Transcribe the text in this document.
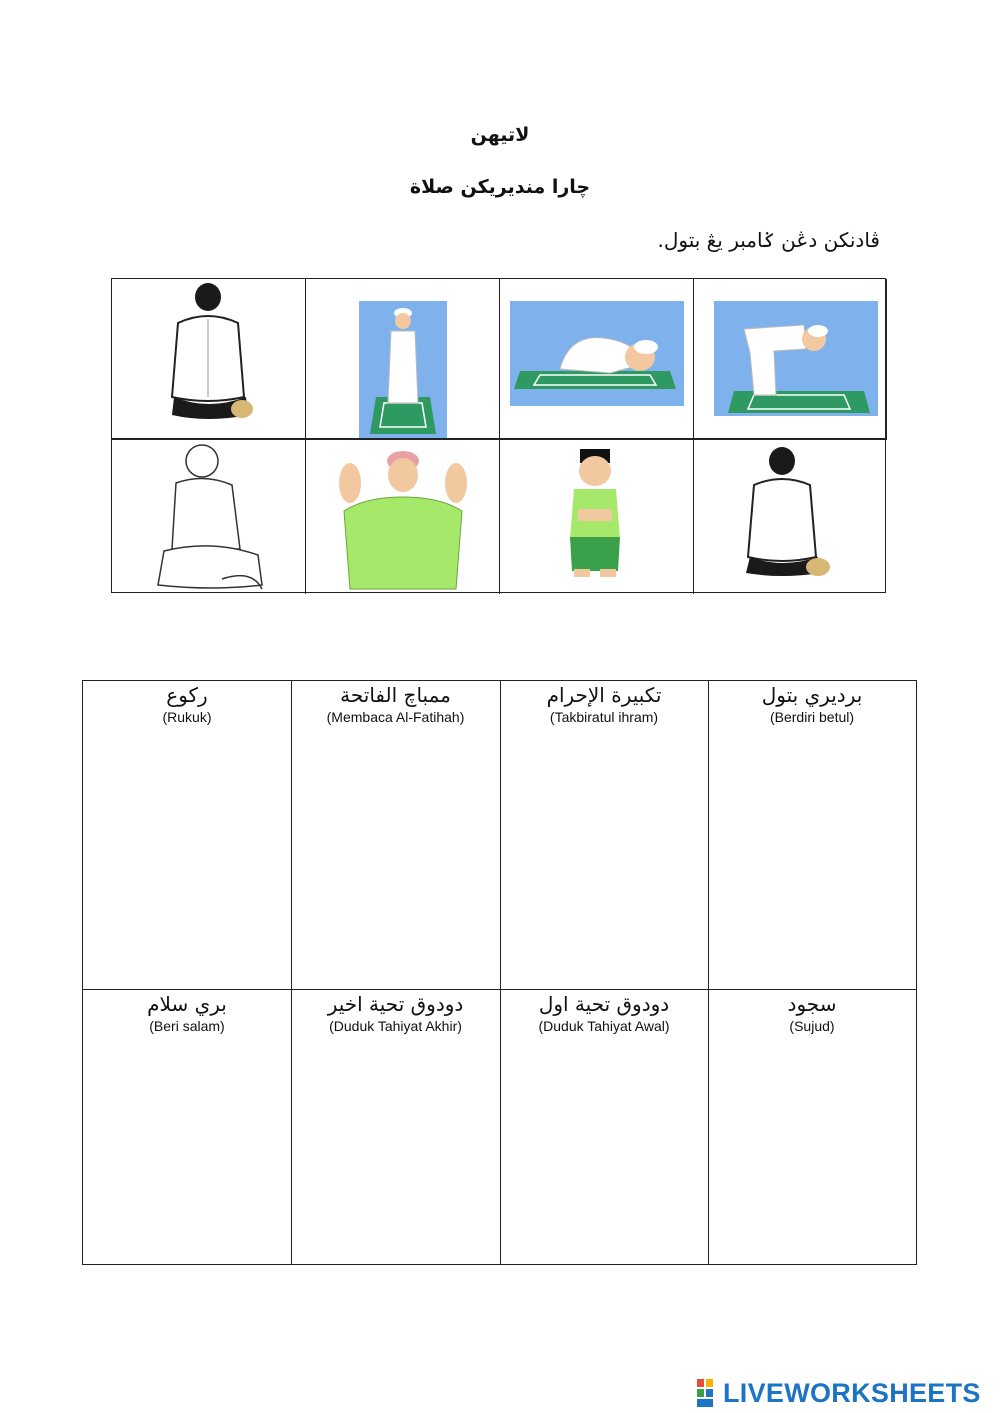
لاتيهن
چارا منديريكن صلاة
ڤادنكن دڠن ݢامبر يڠ بتول.
ركوع
(Rukuk)
ممباچ الفاتحة
(Membaca Al-Fatihah)
تكبيرة الإحرام
(Takbiratul ihram)
برديري بتول
(Berdiri betul)
بري سلام
(Beri salam)
دودوق تحية اخير
(Duduk Tahiyat Akhir)
دودوق تحية اول
(Duduk Tahiyat Awal)
سجود
(Sujud)
LIVEWORKSHEETS
